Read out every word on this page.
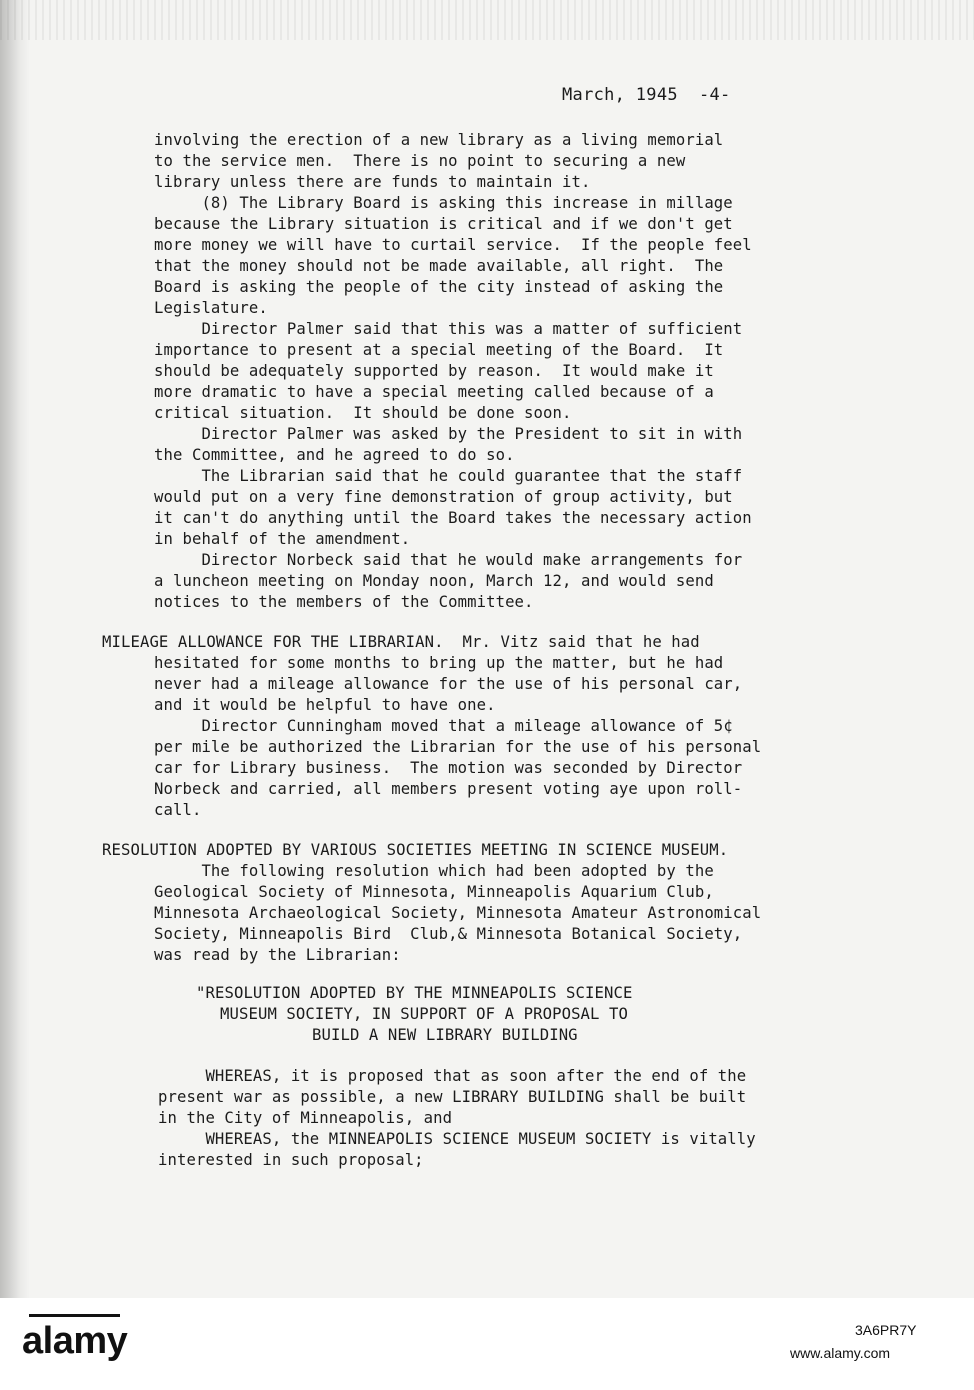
March, 1945  -4-
involving the erection of a new library as a living memorial
to the service men.  There is no point to securing a new
library unless there are funds to maintain it.
(8) The Library Board is asking this increase in millage
because the Library situation is critical and if we don't get
more money we will have to curtail service.  If the people feel
that the money should not be made available, all right.  The
Board is asking the people of the city instead of asking the
Legislature.
Director Palmer said that this was a matter of sufficient
importance to present at a special meeting of the Board.  It
should be adequately supported by reason.  It would make it
more dramatic to have a special meeting called because of a
critical situation.  It should be done soon.
Director Palmer was asked by the President to sit in with
the Committee, and he agreed to do so.
The Librarian said that he could guarantee that the staff
would put on a very fine demonstration of group activity, but
it can't do anything until the Board takes the necessary action
in behalf of the amendment.
Director Norbeck said that he would make arrangements for
a luncheon meeting on Monday noon, March 12, and would send
notices to the members of the Committee.
MILEAGE ALLOWANCE FOR THE LIBRARIAN.  Mr. Vitz said that he had
hesitated for some months to bring up the matter, but he had
never had a mileage allowance for the use of his personal car,
and it would be helpful to have one.
Director Cunningham moved that a mileage allowance of 5¢
per mile be authorized the Librarian for the use of his personal
car for Library business.  The motion was seconded by Director
Norbeck and carried, all members present voting aye upon roll-
call.
RESOLUTION ADOPTED BY VARIOUS SOCIETIES MEETING IN SCIENCE MUSEUM.
The following resolution which had been adopted by the
Geological Society of Minnesota, Minneapolis Aquarium Club,
Minnesota Archaeological Society, Minnesota Amateur Astronomical
Society, Minneapolis Bird  Club,& Minnesota Botanical Society,
was read by the Librarian:
"RESOLUTION ADOPTED BY THE MINNEAPOLIS SCIENCE
MUSEUM SOCIETY, IN SUPPORT OF A PROPOSAL TO
BUILD A NEW LIBRARY BUILDING
WHEREAS, it is proposed that as soon after the end of the
present war as possible, a new LIBRARY BUILDING shall be built
in the City of Minneapolis, and
WHEREAS, the MINNEAPOLIS SCIENCE MUSEUM SOCIETY is vitally
interested in such proposal;
alamy	3A6PR7Y
www.alamy.com
